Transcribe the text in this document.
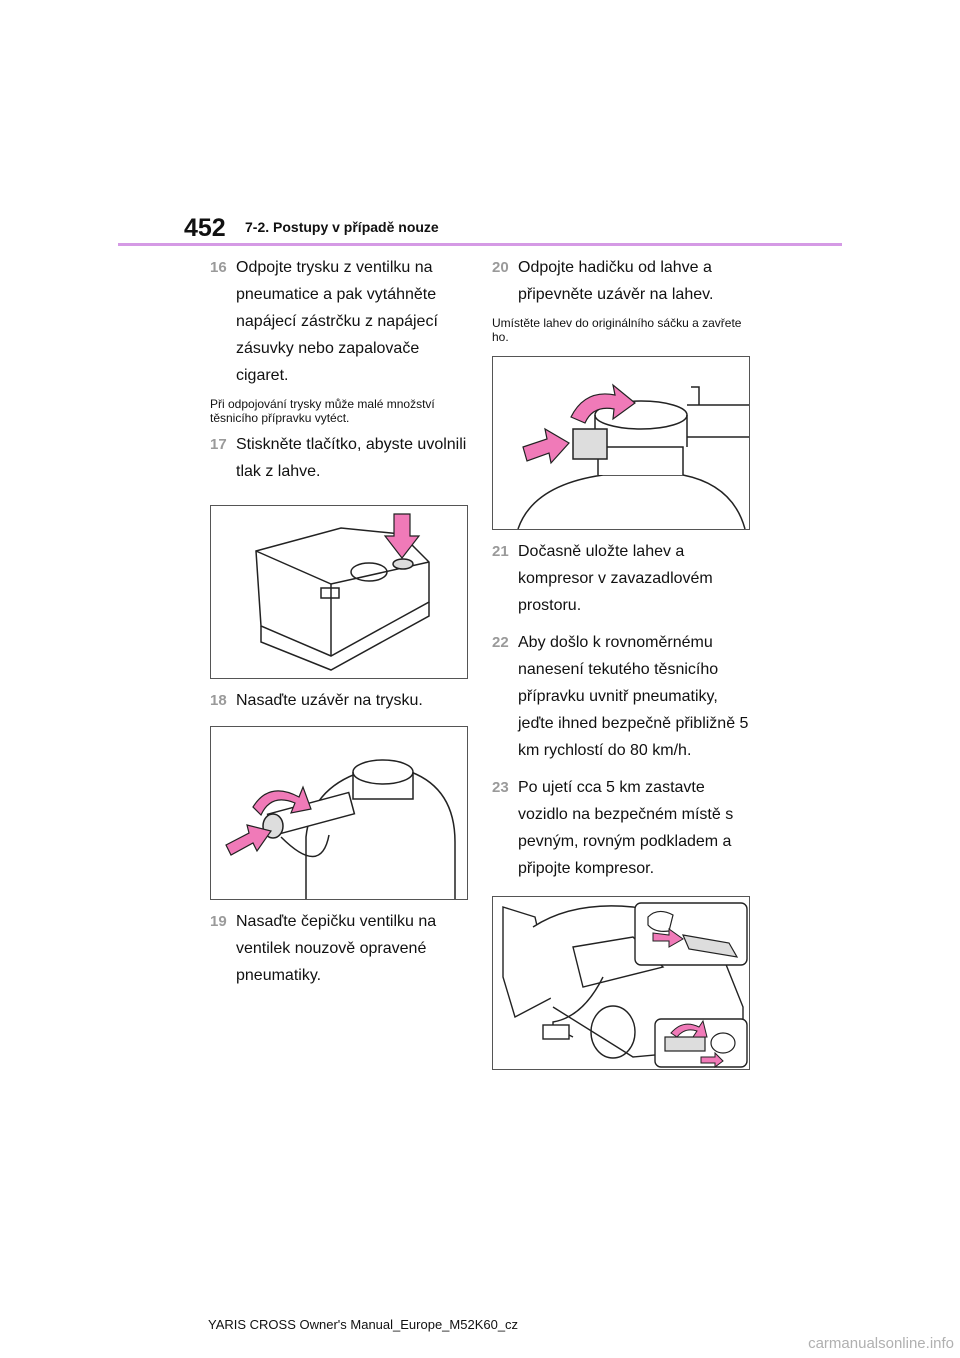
452 7-2. Postupy v případě nouze

16 Odpojte trysku z ventilku na pneumatice a pak vytáhněte napájecí zástrčku z napájecí zásuvky nebo zapalovače cigaret.

Při odpojování trysky může malé množství těsnicího přípravku vytéct.

17 Stiskněte tlačítko, abyste uvolnili tlak z lahve.

18 Nasaďte uzávěr na trysku.

19 Nasaďte čepičku ventilku na ventilek nouzově opravené pneumatiky.

20 Odpojte hadičku od lahve a připevněte uzávěr na lahev.

Umístěte lahev do originálního sáčku a zavřete ho.

21 Dočasně uložte lahev a kompresor v zavazadlovém prostoru.

22 Aby došlo k rovnoměrnému nanesení tekutého těsnicího přípravku uvnitř pneumatiky, jeďte ihned bezpečně přibližně 5 km rychlostí do 80 km/h.

23 Po ujetí cca 5 km zastavte vozidlo na bezpečném místě s pevným, rovným podkladem a připojte kompresor.

YARIS CROSS Owner's Manual_Europe_M52K60_cz
carmanualsonline.info
